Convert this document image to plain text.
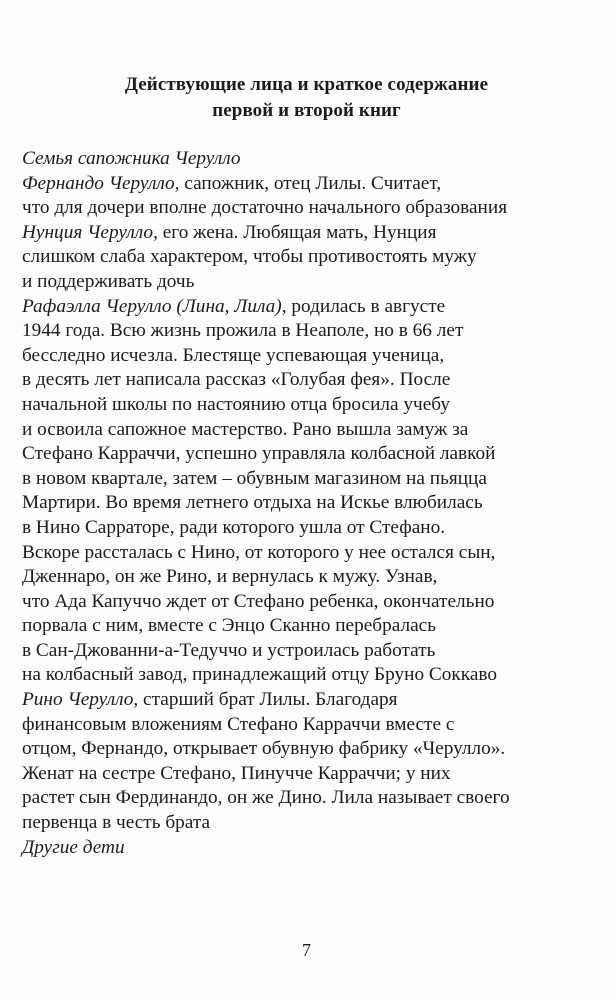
Действующие лица и краткое содержание
первой и второй книг
Семья сапожника Черулло
Фернандо Черулло, сапожник, отец Лилы. Считает,
что для дочери вполне достаточно начального образования
Нунция Черулло, его жена. Любящая мать, Нунция
слишком слаба характером, чтобы противостоять мужу
и поддерживать дочь
Рафаэлла Черулло (Лина, Лила), родилась в августе
1944 года. Всю жизнь прожила в Неаполе, но в 66 лет
бесследно исчезла. Блестяще успевающая ученица,
в десять лет написала рассказ «Голубая фея». После
начальной школы по настоянию отца бросила учебу
и освоила сапожное мастерство. Рано вышла замуж за
Стефано Карраччи, успешно управляла колбасной лавкой
в новом квартале, затем – обувным магазином на пьяцца
Мартири. Во время летнего отдыха на Искье влюбилась
в Нино Сарраторе, ради которого ушла от Стефано.
Вскоре рассталась с Нино, от которого у нее остался сын,
Дженнаро, он же Рино, и вернулась к мужу. Узнав,
что Ада Капуччо ждет от Стефано ребенка, окончательно
порвала с ним, вместе с Энцо Сканно перебралась
в Сан-Джованни-а-Тедуччо и устроилась работать
на колбасный завод, принадлежащий отцу Бруно Соккаво
Рино Черулло, старший брат Лилы. Благодаря
финансовым вложениям Стефано Карраччи вместе с
отцом, Фернандо, открывает обувную фабрику «Черулло».
Женат на сестре Стефано, Пинучче Карраччи; у них
растет сын Фердинандо, он же Дино. Лила называет своего
первенца в честь брата
Другие дети
7
